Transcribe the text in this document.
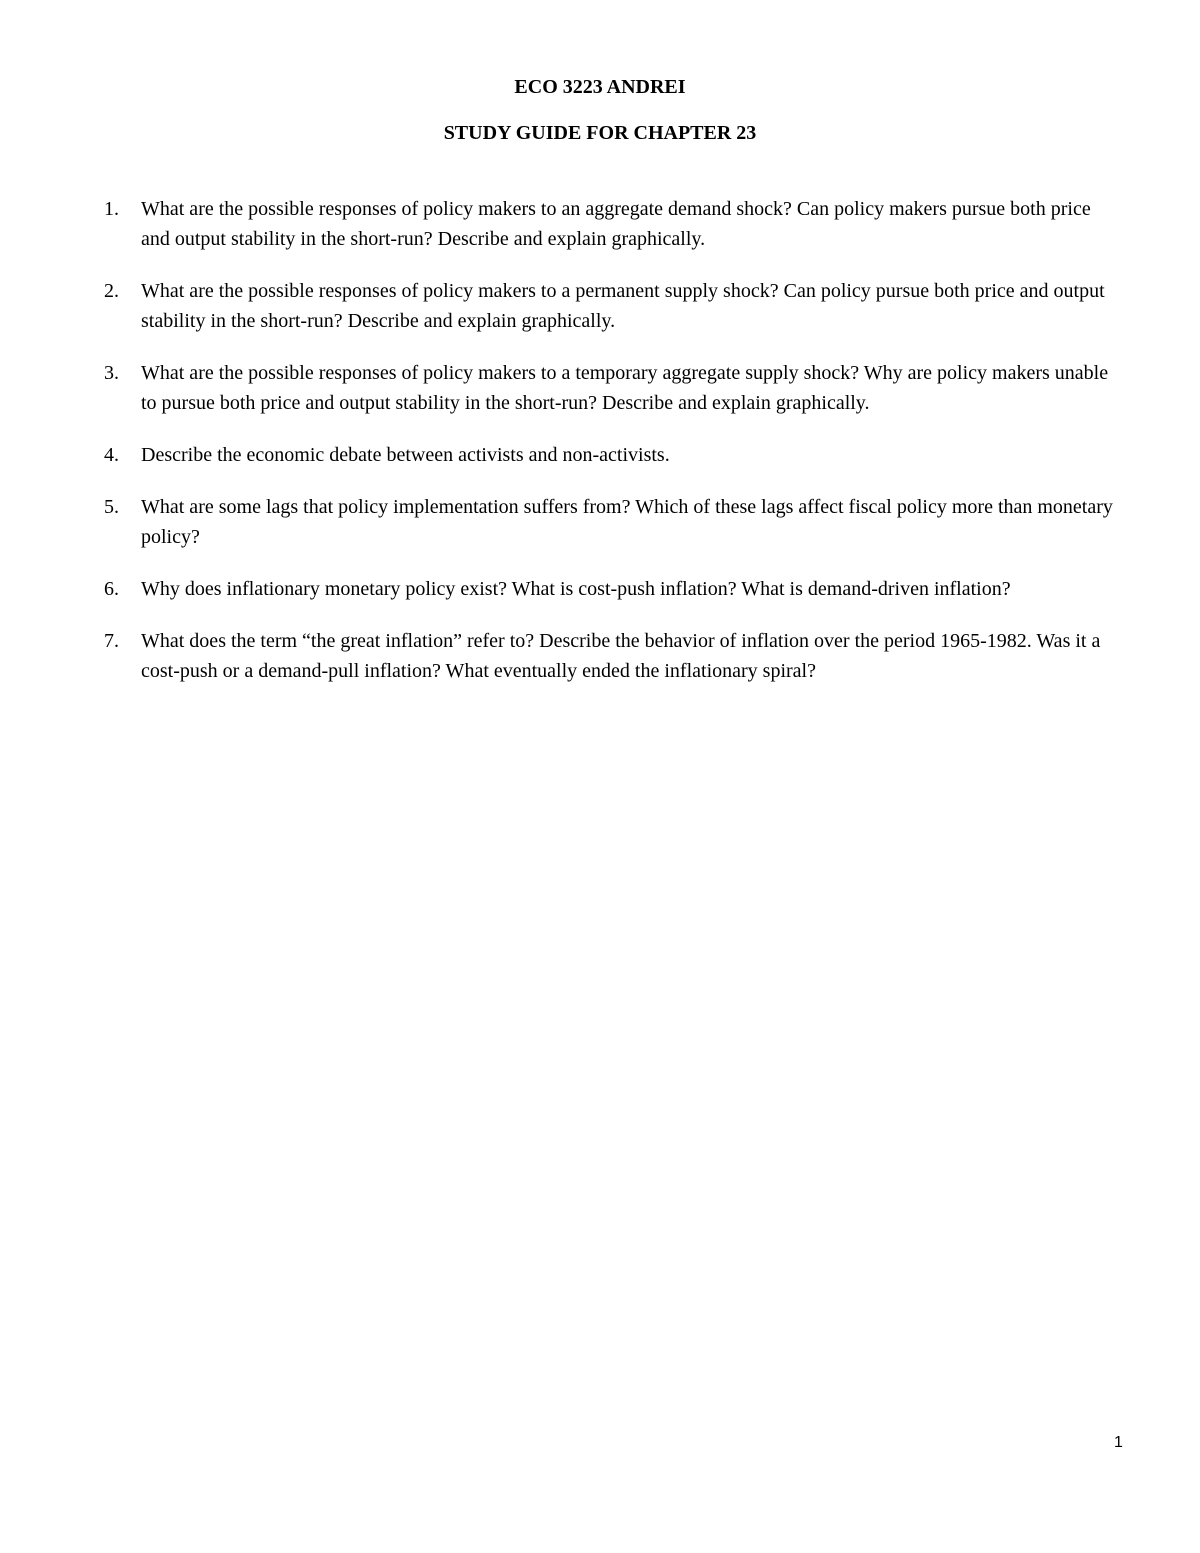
ECO 3223 ANDREI
STUDY GUIDE FOR CHAPTER 23
1.	What are the possible responses of policy makers to an aggregate demand shock? Can policy makers pursue both price and output stability in the short-run? Describe and explain graphically.
2.	What are the possible responses of policy makers to a permanent supply shock? Can policy pursue both price and output stability in the short-run? Describe and explain graphically.
3.	What are the possible responses of policy makers to a temporary aggregate supply shock? Why are policy makers unable to pursue both price and output stability in the short-run? Describe and explain graphically.
4.	Describe the economic debate between activists and non-activists.
5.	What are some lags that policy implementation suffers from? Which of these lags affect fiscal policy more than monetary policy?
6.	Why does inflationary monetary policy exist? What is cost-push inflation? What is demand-driven inflation?
7.	What does the term “the great inflation” refer to? Describe the behavior of inflation over the period 1965-1982. Was it a cost-push or a demand-pull inflation? What eventually ended the inflationary spiral?
1
